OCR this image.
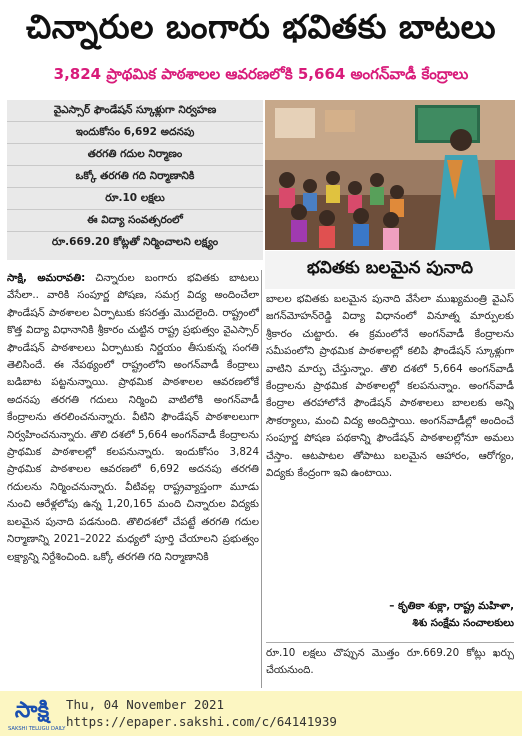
చిన్నారుల బంగారు భవితకు బాటలు
3,824 ప్రాథమిక పాఠశాలల ఆవరణలోకి 5,664 అంగన్‌వాడీ కేంద్రాలు
వైఎస్సార్ ఫౌండేషన్ స్కూళ్లుగా నిర్వహణ
ఇందుకోసం 6,692 అదనపు
తరగతి గదుల నిర్మాణం
ఒక్కో తరగతి గది నిర్మాణానికి
రూ.10 లక్షలు
ఈ విద్యా సంవత్సరంలో
రూ.669.20 కోట్లతో నిర్మించాలని లక్ష్యం
భవితకు బలమైన పునాది
సాక్షి, అమరావతి: చిన్నారుల బంగారు భవితకు బాటలు వేసేలా.. వారికి సంపూర్ణ పోషణ, సమగ్ర విద్య అందించేలా ఫౌండేషన్ పాఠశాలల ఏర్పాటుకు కసరత్తు మొదలైంది. రాష్ట్రంలో కొత్త విద్యా విధానానికి శ్రీకారం చుట్టిన రాష్ట్ర ప్రభుత్వం వైఎస్సార్ ఫౌండేషన్ పాఠశాలలు ఏర్పాటుకు నిర్ణయం తీసుకున్న సంగతి తెలిసిందే. ఈ నేపథ్యంలో రాష్ట్రంలోని అంగన్‌వాడీ కేంద్రాలు బడిబాట పట్టనున్నాయి. ప్రాథమిక పాఠశాలల ఆవరణలోకే అదనపు తరగతి గదులు నిర్మించి వాటిలోకి అంగన్‌వాడీ కేంద్రాలను తరలించనున్నారు. వీటిని ఫౌండేషన్ పాఠశాలలుగా నిర్వహించనున్నారు. తొలి దశలో 5,664 అంగన్‌వాడీ కేంద్రాలను ప్రాథమిక పాఠశాలల్లో కలపనున్నారు. ఇందుకోసం 3,824 ప్రాథమిక పాఠశాలల ఆవరణలో 6,692 అదనపు తరగతి గదులను నిర్మించనున్నారు. వీటివల్ల రాష్ట్రవ్యాప్తంగా మూడు నుంచి ఆరేళ్లలోపు ఉన్న 1,20,165 మంది చిన్నారుల విద్యకు బలమైన పునాది పడనుంది. తొలిదశలో చేపట్టే తరగతి గదుల నిర్మాణాన్ని 2021–2022 మధ్యలో పూర్తి చేయాలని ప్రభుత్వం లక్ష్యాన్ని నిర్దేశించింది. ఒక్కో తరగతి గది నిర్మాణానికి
బాలల భవితకు బలమైన పునాది వేసేలా ముఖ్యమంత్రి వైఎస్ జగన్‌మోహన్‌రెడ్డి విద్యా విధానంలో వినూత్న మార్పులకు శ్రీకారం చుట్టారు. ఈ క్రమంలోనే అంగన్‌వాడీ కేంద్రాలను సమీపంలోని ప్రాథమిక పాఠశాలల్లో కలిపి ఫౌండేషన్ స్కూళ్లుగా వాటిని మార్పు చేస్తున్నాం. తొలి దశలో 5,664 అంగన్‌వాడీ కేంద్రాలను ప్రాథమిక పాఠశాలల్లో కలపనున్నాం. అంగన్‌వాడీ కేంద్రాల తరహాలోనే ఫౌండేషన్ పాఠశాలలు బాలలకు అన్ని సౌకర్యాలు, మంచి విద్య అందిస్తాయి. అంగన్‌వాడీల్లో అందించే సంపూర్ణ పోషణ పథకాన్ని ఫౌండేషన్ పాఠశాలల్లోనూ అమలు చేస్తాం. ఆటపాటల తోపాటు బలమైన ఆహారం, ఆరోగ్యం, విద్యకు కేంద్రంగా ఇవి ఉంటాయి.
– కృతికా శుక్లా, రాష్ట్ర మహిళా,
శిశు సంక్షేమ సంచాలకులు
రూ.10 లక్షలు చొప్పున మొత్తం రూ.669.20 కోట్లు ఖర్చు చేయనుంది.
సాక్షి
SAKSHI TELUGU DAILY
Thu, 04 November 2021
https://epaper.sakshi.com/c/64141939
